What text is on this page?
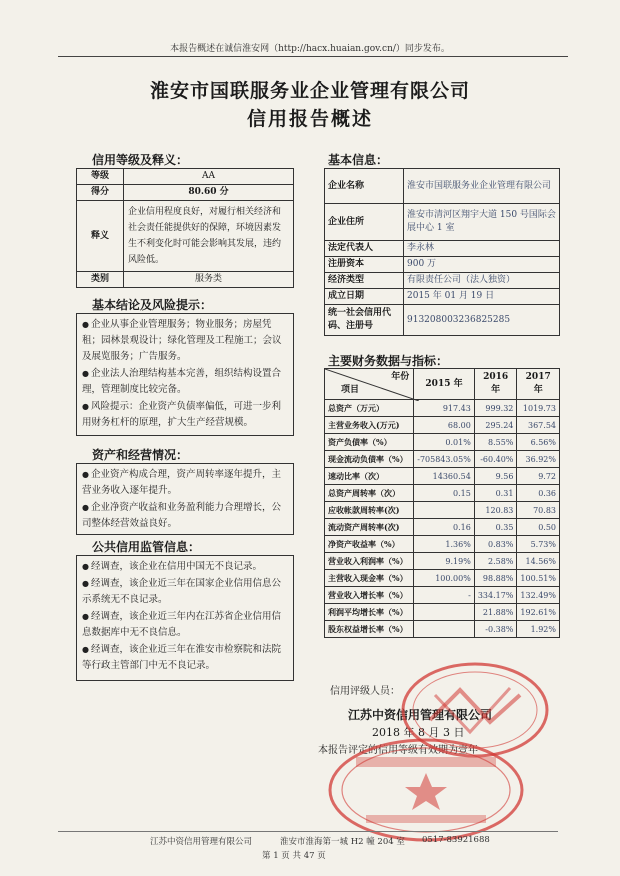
本报告概述在诚信淮安网（http://hacx.huaian.gov.cn/）同步发布。
淮安市国联服务业企业管理有限公司
信用报告概述
信用等级及释义：
等级	AA
得分	80.60 分
释义	企业信用程度良好，对履行相关经济和社会责任能提供好的保障，环境因素发生不利变化时可能会影响其发展，违约风险低。
类别	服务类
基本结论及风险提示：

● 企业从事企业管理服务；物业服务；房屋凭租；园林景观设计；绿化管理及工程施工；会议及展览服务；广告服务。

● 企业法人治理结构基本完善，组织结构设置合理，管理制度比较完备。

● 风险提示：企业资产负债率偏低，可进一步利用财务杠杆的原理，扩大生产经营规模。

资产和经营情况：

● 企业资产构成合理，资产周转率逐年提升，主营业务收入逐年提升。

● 企业净资产收益和业务盈利能力合理增长，公司整体经营效益良好。

公共信用监管信息：

● 经调查，该企业在信用中国无不良记录。

● 经调查，该企业近三年在国家企业信用信息公示系统无不良记录。

● 经调查，该企业近三年内在江苏省企业信用信息数据库中无不良信息。

● 经调查，该企业近三年在淮安市检察院和法院等行政主管部门中无不良记录。

基本信息：
企业名称	淮安市国联服务业企业管理有限公司
企业住所	淮安市清河区翔宇大道 150 号国际会展中心 1 室
法定代表人	李永林
注册资本	900 万
经济类型	有限责任公司（法人独资）
成立日期	2015 年 01 月 19 日
统一社会信用代码、注册号	913208003236825285
主要财务数据与指标：
年份
项目	2015 年	2016 年	2017 年
总资产（万元）	917.43	999.32	1019.73
主营业务收入(万元)	68.00	295.24	367.54
资产负债率（%）	0.01%	8.55%	6.56%
现金流动负债率（%）	-705843.05%	-60.40%	36.92%
速动比率（次）	14360.54	9.56	9.72
总资产周转率（次）	0.15	0.31	0.36
应收帐款周转率(次)		120.83	70.83
流动资产周转率(次)	0.16	0.35	0.50
净资产收益率（%）	1.36%	0.83%	5.73%
营业收入利润率（%）	9.19%	2.58%	14.56%
主营收入现金率（%）	100.00%	98.88%	100.51%
营业收入增长率（%）	-	334.17%	132.49%
利润平均增长率（%）		21.88%	192.61%
股东权益增长率（%）		-0.38%	1.92%
信用评级人员：
江苏中资信用管理有限公司
2018 年 8 月 3 日
本报告评定的信用等级有效期为壹年
江苏中资信用管理有限公司	淮安市淮海第一城 H2 幢 204 室 0517-83921688
第 1 页 共 47 页
